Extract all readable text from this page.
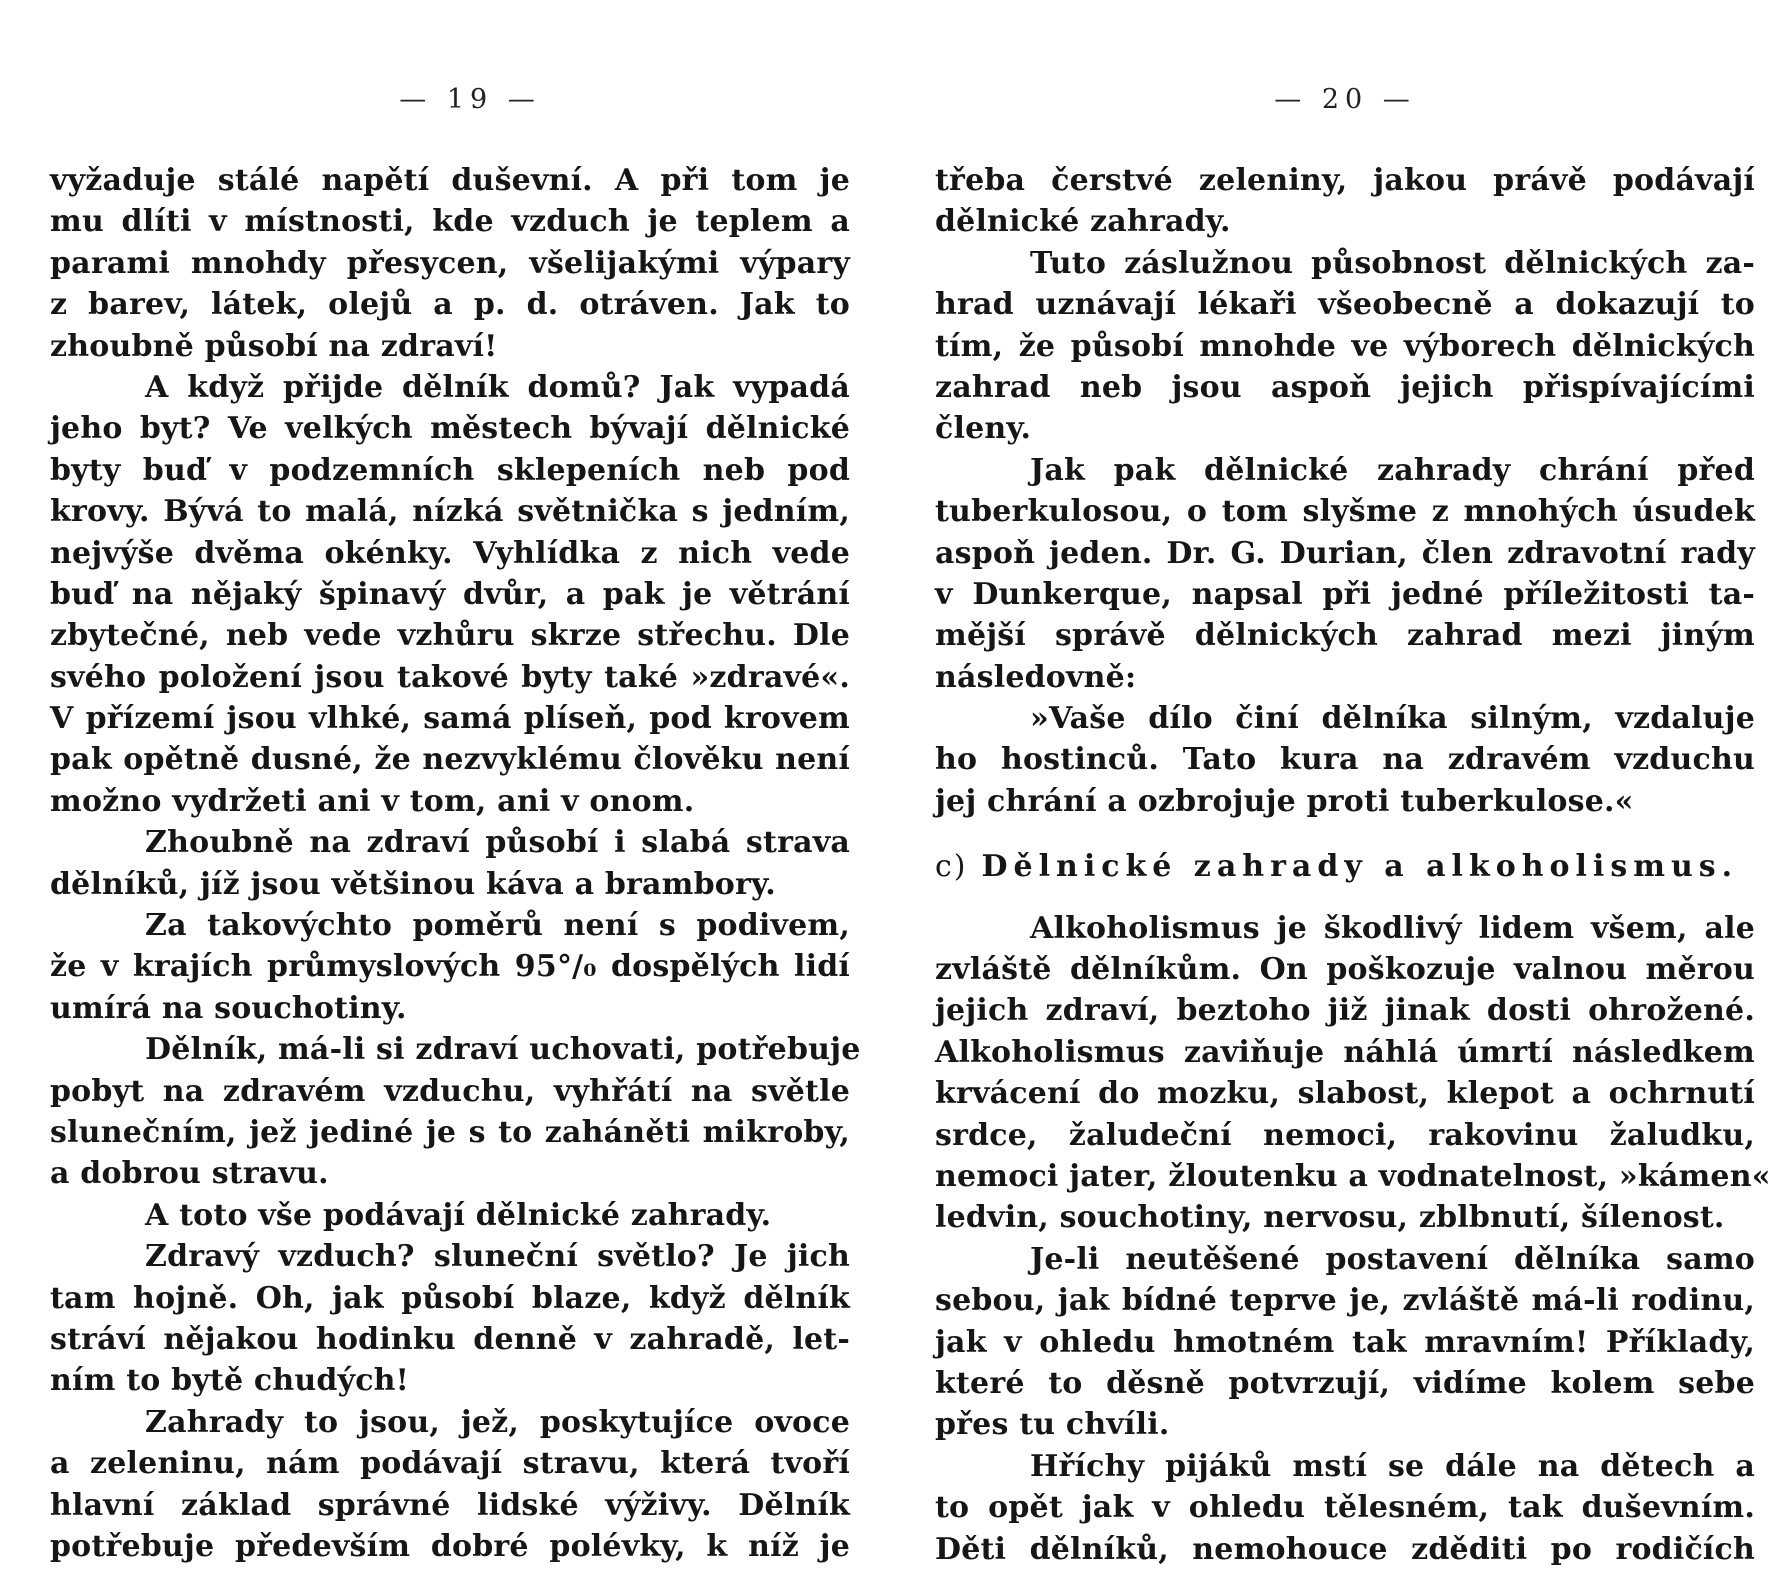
— 19 —
vyžaduje stálé napětí duševní. A při tom je
mu dlíti v místnosti, kde vzduch je teplem a
parami mnohdy přesycen, všelijakými výpary
z barev, látek, olejů a p. d. otráven. Jak to
zhoubně působí na zdraví!
A když přijde dělník domů? Jak vypadá
jeho byt? Ve velkých městech bývají dělnické
byty buď v podzemních sklepeních neb pod
krovy. Bývá to malá, nízká světnička s jedním,
nejvýše dvěma okénky. Vyhlídka z nich vede
buď na nějaký špinavý dvůr, a pak je větrání
zbytečné, neb vede vzhůru skrze střechu. Dle
svého položení jsou takové byty také »zdravé«.
V přízemí jsou vlhké, samá plíseň, pod krovem
pak opětně dusné, že nezvyklému člověku není
možno vydržeti ani v tom, ani v onom.
Zhoubně na zdraví působí i slabá strava
dělníků, jíž jsou většinou káva a brambory.
Za takovýchto poměrů není s podivem,
že v krajích průmyslových 95°/₀ dospělých lidí
umírá na souchotiny.
Dělník, má-li si zdraví uchovati, potřebuje
pobyt na zdravém vzduchu, vyhřátí na světle
slunečním, jež jediné je s to zaháněti mikroby,
a dobrou stravu.
A toto vše podávají dělnické zahrady.
Zdravý vzduch? sluneční světlo? Je jich
tam hojně. Oh, jak působí blaze, když dělník
stráví nějakou hodinku denně v zahradě, let-
ním to bytě chudých!
Zahrady to jsou, jež, poskytujíce ovoce
a zeleninu, nám podávají stravu, která tvoří
hlavní základ správné lidské výživy. Dělník
potřebuje především dobré polévky, k níž je
— 20 —
třeba čerstvé zeleniny, jakou právě podávají
dělnické zahrady.
Tuto záslužnou působnost dělnických za-
hrad uznávají lékaři všeobecně a dokazují to
tím, že působí mnohde ve výborech dělnických
zahrad neb jsou aspoň jejich přispívajícími
členy.
Jak pak dělnické zahrady chrání před
tuberkulosou, o tom slyšme z mnohých úsudek
aspoň jeden. Dr. G. Durian, člen zdravotní rady
v Dunkerque, napsal při jedné příležitosti ta-
mější správě dělnických zahrad mezi jiným
následovně:
»Vaše dílo činí dělníka silným, vzdaluje
ho hostinců. Tato kura na zdravém vzduchu
jej chrání a ozbrojuje proti tuberkulose.«
c) Dělnické zahrady a alkoholismus.
Alkoholismus je škodlivý lidem všem, ale
zvláště dělníkům. On poškozuje valnou měrou
jejich zdraví, beztoho již jinak dosti ohrožené.
Alkoholismus zaviňuje náhlá úmrtí následkem
krvácení do mozku, slabost, klepot a ochrnutí
srdce, žaludeční nemoci, rakovinu žaludku,
nemoci jater, žloutenku a vodnatelnost, »kámen«
ledvin, souchotiny, nervosu, zblbnutí, šílenost.
Je-li neutěšené postavení dělníka samo
sebou, jak bídné teprve je, zvláště má-li rodinu,
jak v ohledu hmotném tak mravním! Příklady,
které to děsně potvrzují, vidíme kolem sebe
přes tu chvíli.
Hříchy pijáků mstí se dále na dětech a
to opět jak v ohledu tělesném, tak duševním.
Děti dělníků, nemohouce zděditi po rodičích
